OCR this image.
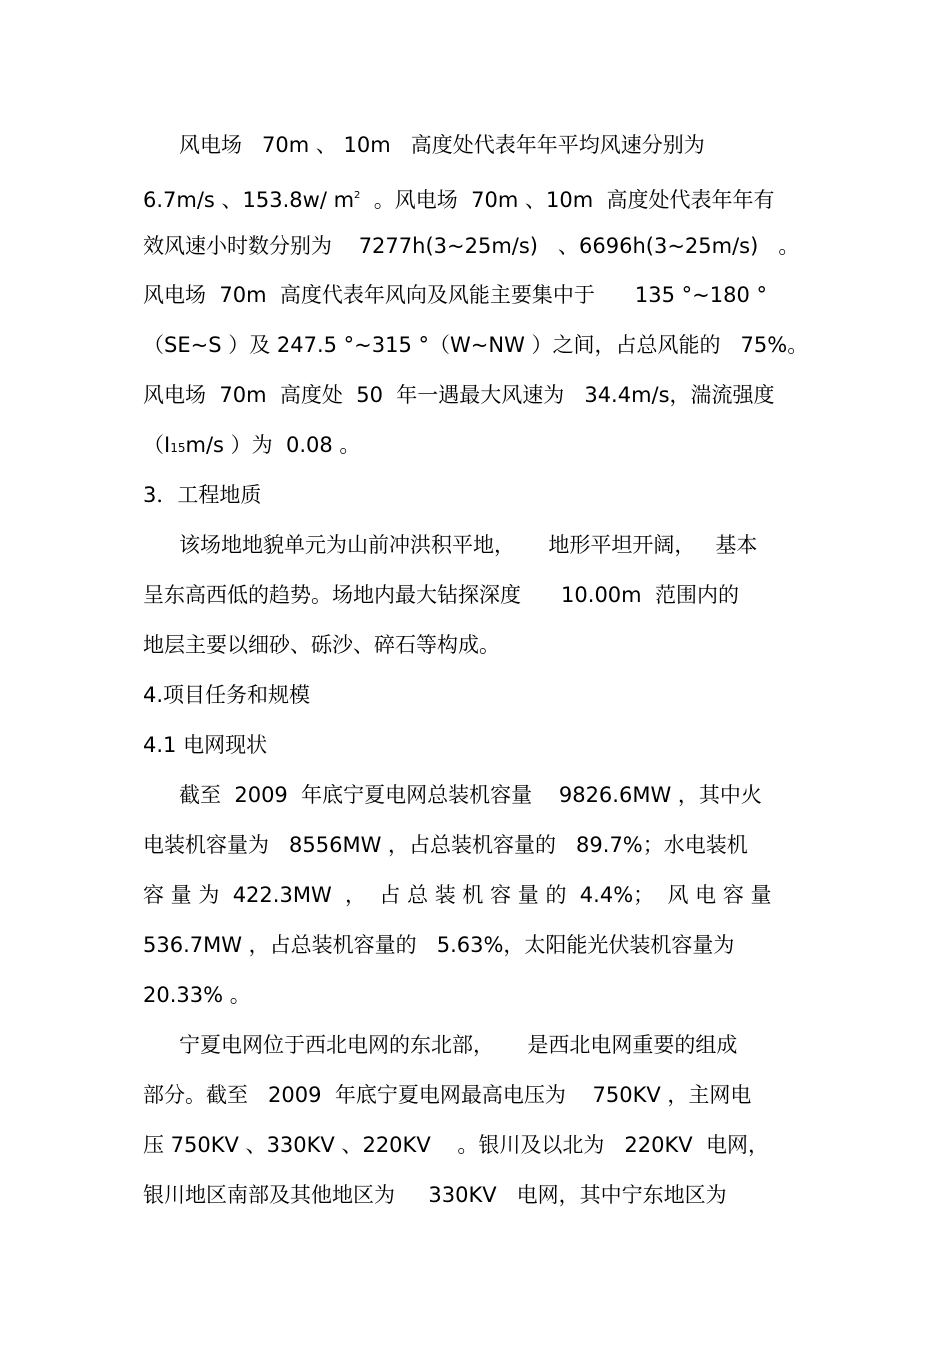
风电场   70m 、 10m   高度处代表年年平均风速分别为

6.7m/s 、153.8w/ $m^2$  。风电场  70m 、10m  高度处代表年年有

效风速小时数分别为    7277h(3~25m/s)   、6696h(3~25m/s)   。

风电场  70m  高度代表年风向及风能主要集中于      135 °~180 °

（SE~S ）及 247.5 °~315 °（W~NW ）之间，占总风能的   75%。

风电场  70m  高度处  50  年一遇最大风速为   34.4m/s，湍流强度

（I15m/s ）为  0.08 。

3．工程地质

该场地地貌单元为山前冲洪积平地，     地形平坦开阔，   基本

呈东高西低的趋势。场地内最大钻探深度      10.00m  范围内的

地层主要以细砂、砾沙、碎石等构成。

4.项目任务和规模

4.1 电网现状

截至  2009  年底宁夏电网总装机容量    9826.6MW ，其中火

电装机容量为   8556MW ，占总装机容量的   89.7%；水电装机

容 量 为  422.3MW  ，  占 总 装 机 容 量 的  4.4%；  风 电 容 量

536.7MW ，占总装机容量的   5.63%，太阳能光伏装机容量为

20.33% 。

宁夏电网位于西北电网的东北部，     是西北电网重要的组成

部分。截至   2009  年底宁夏电网最高电压为    750KV ，主网电

压 750KV 、330KV 、220KV    。银川及以北为   220KV  电网，

银川地区南部及其他地区为     330KV   电网，其中宁东地区为
